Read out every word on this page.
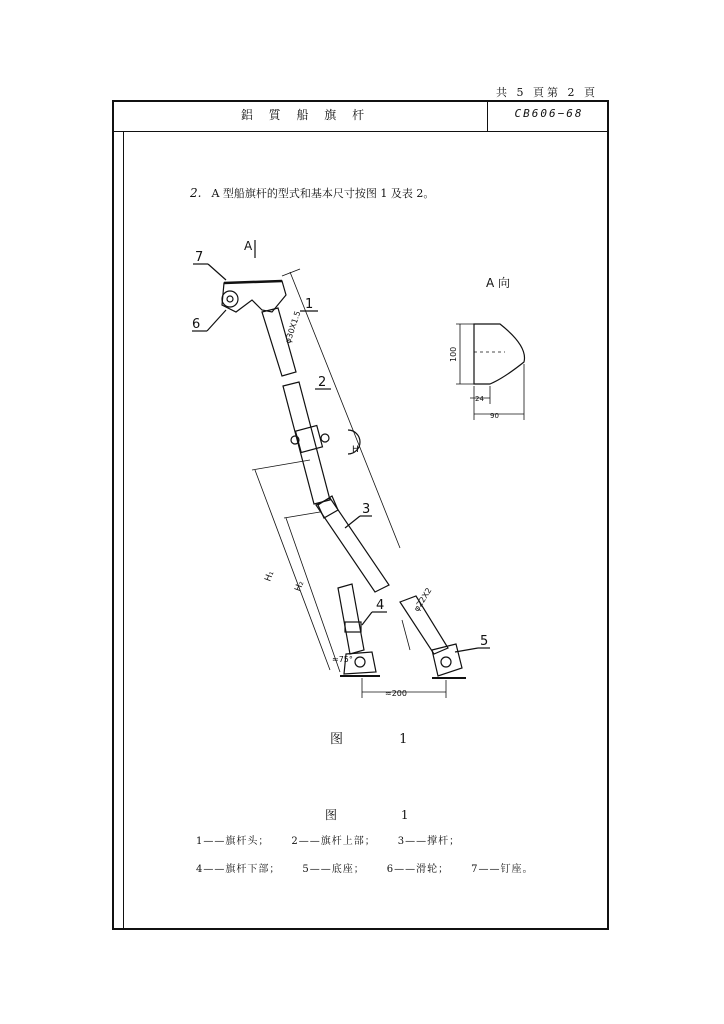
共 5 頁第 2 頁
鋁 質 船 旗 杆	CB606−68
2. A 型船旗杆的型式和基本尺寸按图 1 及表 2。
A
A 向
7
6
1
2
3
4
5
φ30X1.5
φ22X2
H
H₁
H₂
≈75°
≈200
100
24
90
图 1
图 1
1——旗杆头； 2——旗杆上部； 3——撑杆；
4——旗杆下部； 5——底座； 6——滑轮； 7——钉座。
